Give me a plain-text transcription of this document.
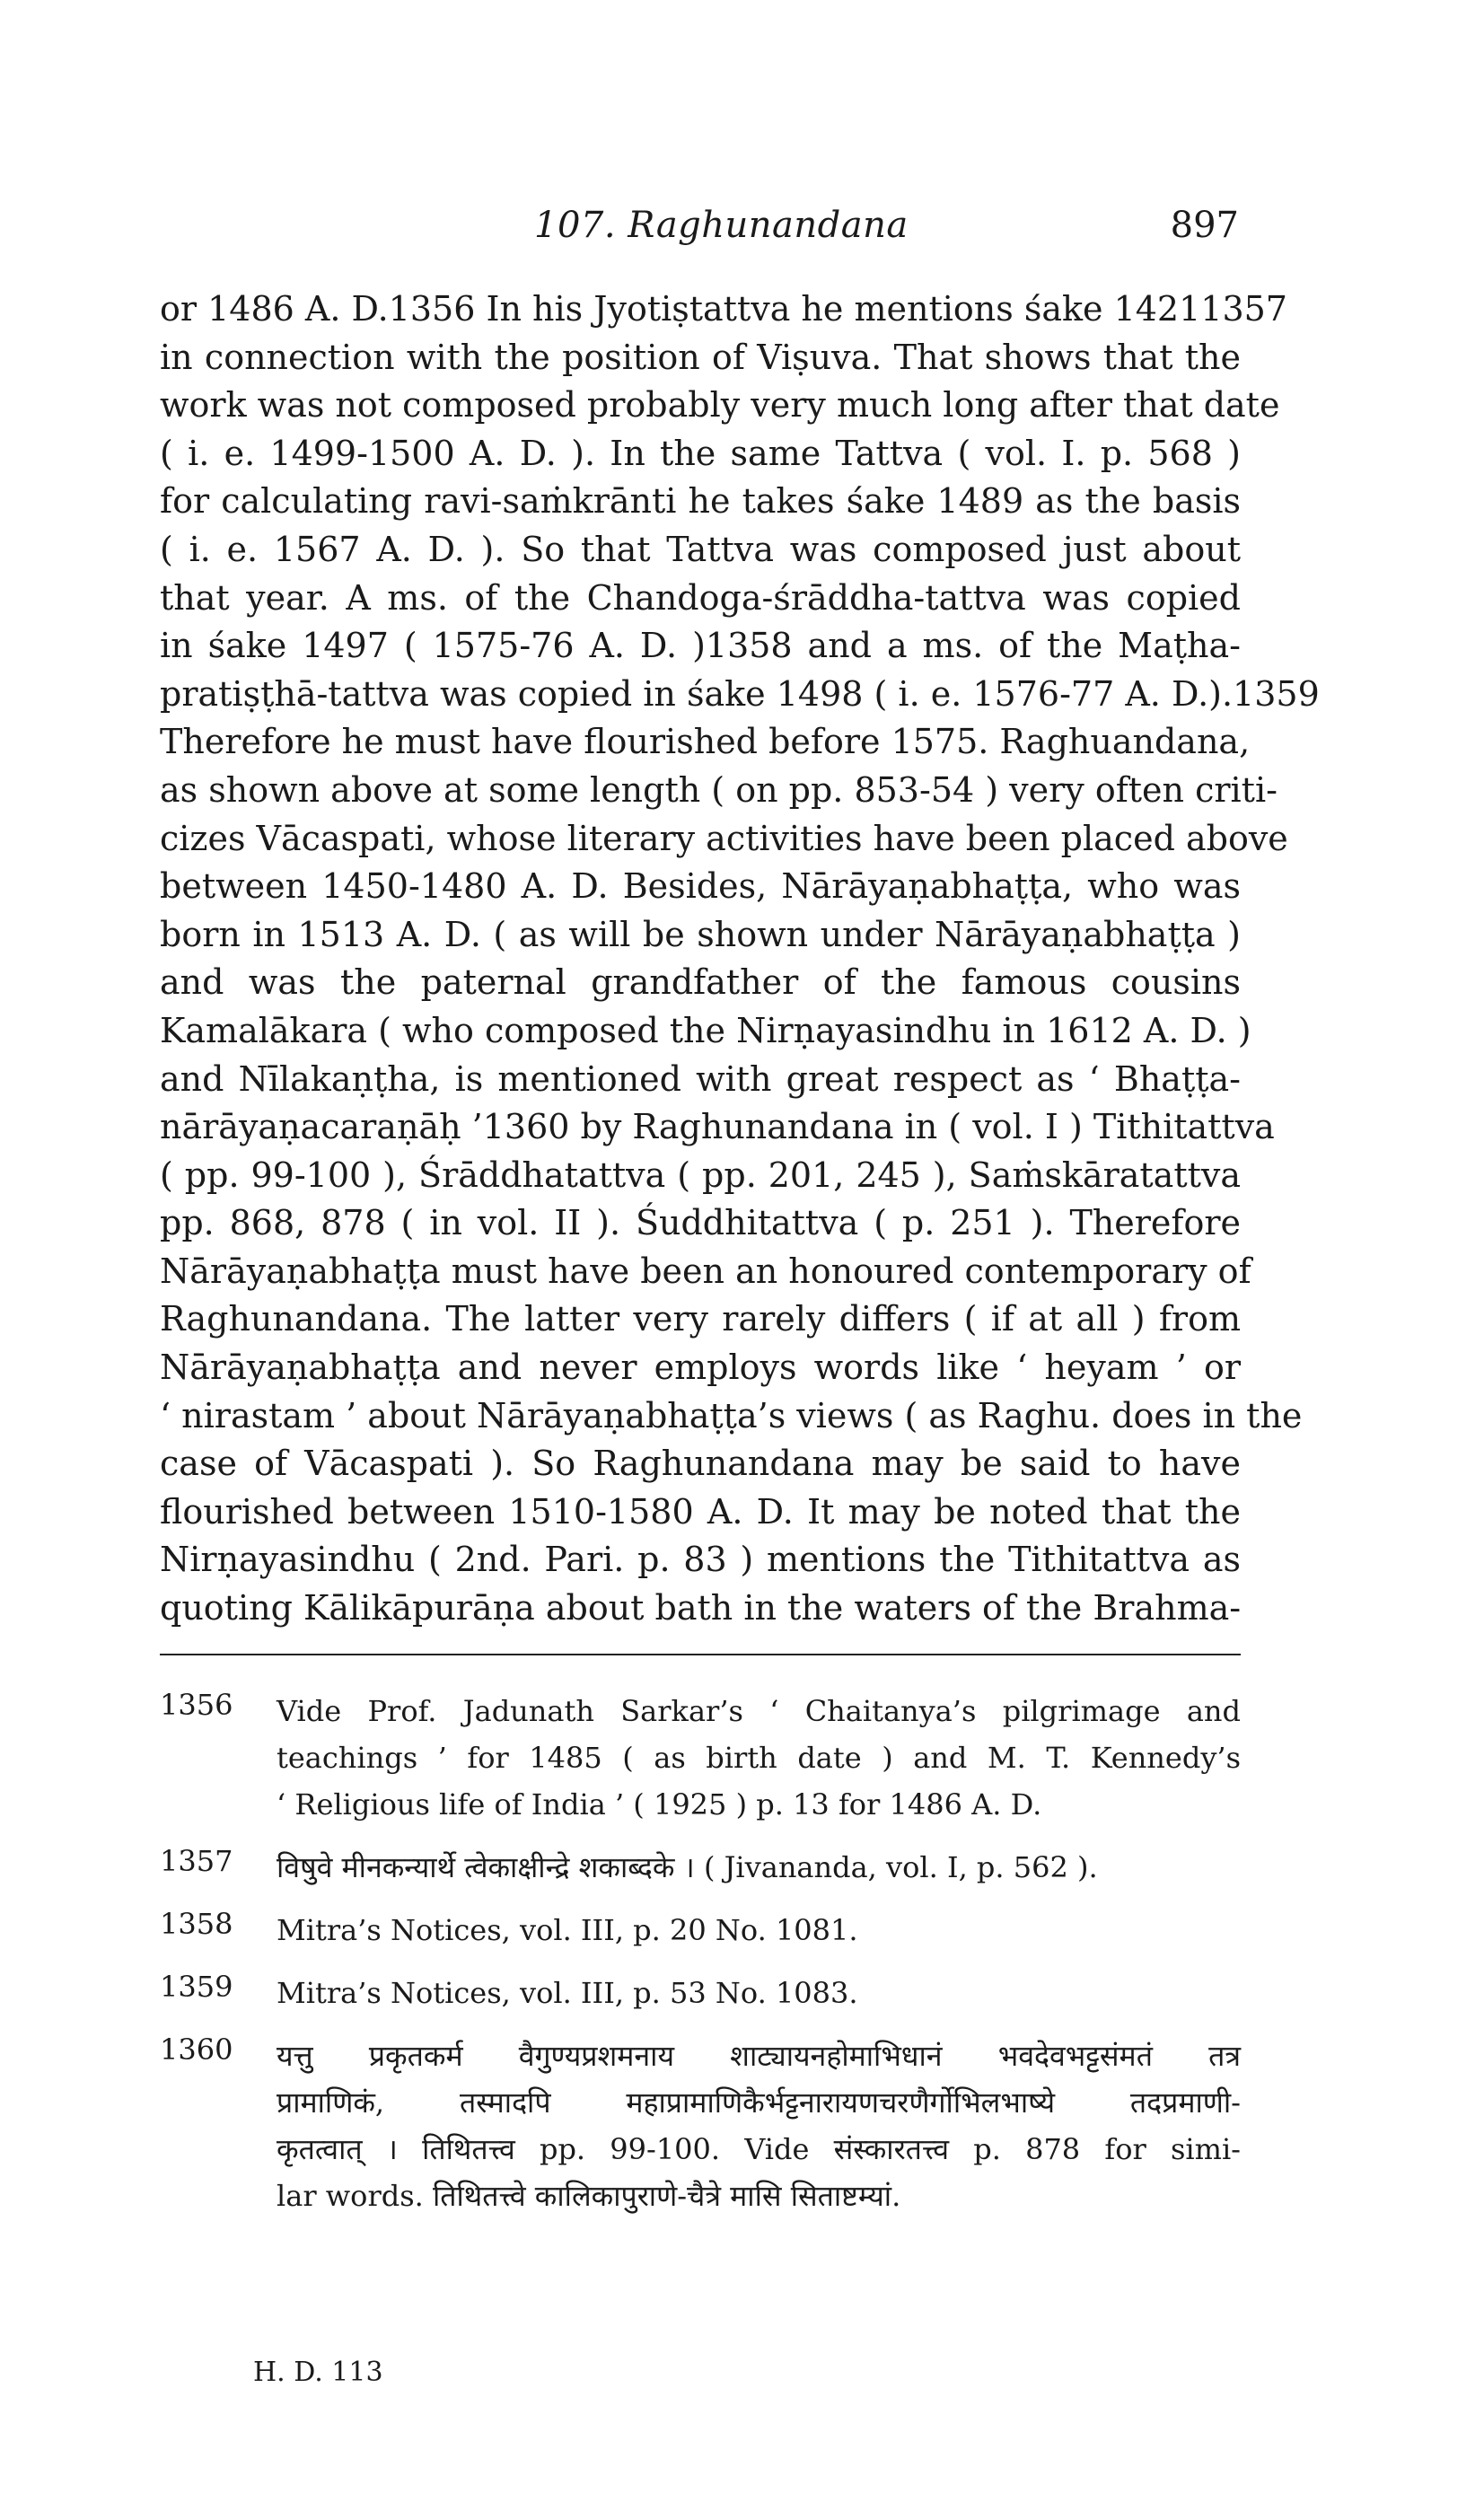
107. Raghunandana	897
or 1486 A. D.1356 In his Jyotiṣtattva he mentions śake 14211357
in connection with the position of Viṣuva. That shows that the
work was not composed probably very much long after that date
( i. e. 1499-1500 A. D. ). In the same Tattva ( vol. I. p. 568 )
for calculating ravi-saṁkrānti he takes śake 1489 as the basis
( i. e. 1567 A. D. ). So that Tattva was composed just about
that year. A ms. of the Chandoga-śrāddha-tattva was copied
in śake 1497 ( 1575-76 A. D. )1358 and a ms. of the Maṭha-
pratiṣṭhā-tattva was copied in śake 1498 ( i. e. 1576-77 A. D.).1359
Therefore he must have flourished before 1575. Raghuandana,
as shown above at some length ( on pp. 853-54 ) very often criti-
cizes Vācaspati, whose literary activities have been placed above
between 1450-1480 A. D. Besides, Nārāyaṇabhaṭṭa, who was
born in 1513 A. D. ( as will be shown under Nārāyaṇabhaṭṭa )
and was the paternal grandfather of the famous cousins
Kamalākara ( who composed the Nirṇayasindhu in 1612 A. D. )
and Nīlakaṇṭha, is mentioned with great respect as ‘ Bhaṭṭa-
nārāyaṇacaraṇāḥ ’1360 by Raghunandana in ( vol. I ) Tithitattva
( pp. 99-100 ), Śrāddhatattva ( pp. 201, 245 ), Saṁskāratattva
pp. 868, 878 ( in vol. II ). Śuddhitattva ( p. 251 ). Therefore
Nārāyaṇabhaṭṭa must have been an honoured contemporary of
Raghunandana. The latter very rarely differs ( if at all ) from
Nārāyaṇabhaṭṭa and never employs words like ‘ heyam ’ or
‘ nirastam ’ about Nārāyaṇabhaṭṭa’s views ( as Raghu. does in the
case of Vācaspati ). So Raghunandana may be said to have
flourished between 1510-1580 A. D. It may be noted that the
Nirṇayasindhu ( 2nd. Pari. p. 83 ) mentions the Tithitattva as
quoting Kālikāpurāṇa about bath in the waters of the Brahma-
1356 Vide Prof. Jadunath Sarkar’s ‘ Chaitanya’s pilgrimage and
teachings ’ for 1485 ( as birth date ) and M. T. Kennedy’s
‘ Religious life of India ’ ( 1925 ) p. 13 for 1486 A. D.
1357 विषुवे मीनकन्यार्थे त्वेकाक्षीन्द्रे शकाब्दके । ( Jivananda, vol. I, p. 562 ).
1358 Mitra’s Notices, vol. III, p. 20 No. 1081.
1359 Mitra’s Notices, vol. III, p. 53 No. 1083.
1360 यत्तु प्रकृतकर्म वैगुण्यप्रशमनाय शाट्यायनहोमाभिधानं भवदेवभट्टसंमतं तत्र
प्रामाणिकं, तस्मादपि महाप्रामाणिकैर्भट्टनारायणचरणैर्गोभिलभाष्ये तदप्रमाणी-
कृतत्वात् । तिथितत्त्व pp. 99-100. Vide संस्कारतत्त्व p. 878 for simi-
lar words. तिथितत्त्वे कालिकापुराणे-चैत्रे मासि सिताष्टम्यां.
H. D. 113
